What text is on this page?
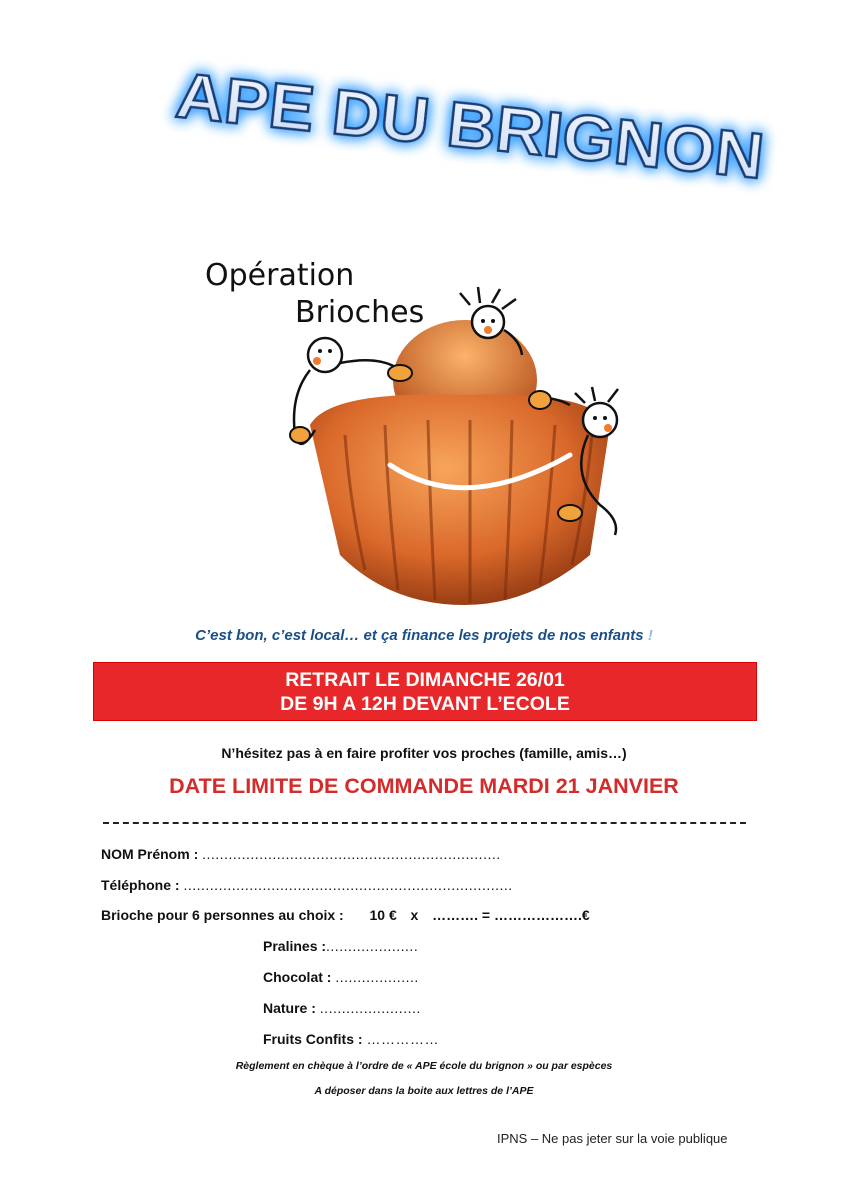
APE DU BRIGNON
Opération
Brioches
C’est bon, c’est local… et ça finance les projets de nos enfants !
RETRAIT LE DIMANCHE 26/01
DE 9H A 12H DEVANT L’ECOLE
N’hésitez pas à en faire profiter vos proches (famille, amis…)
DATE LIMITE DE COMMANDE MARDI 21 JANVIER
NOM Prénom : ....................................................................
Téléphone : ...........................................................................
Brioche pour 6 personnes au choix : 10 € x ………. = ……………….€
Pralines :.....................
Chocolat : ...................
Nature : .......................
Fruits Confits : ……………
Règlement en chèque à l’ordre de « APE école du brignon » ou par espèces
A déposer dans la boite aux lettres de l’APE
IPNS – Ne pas jeter sur la voie publique
